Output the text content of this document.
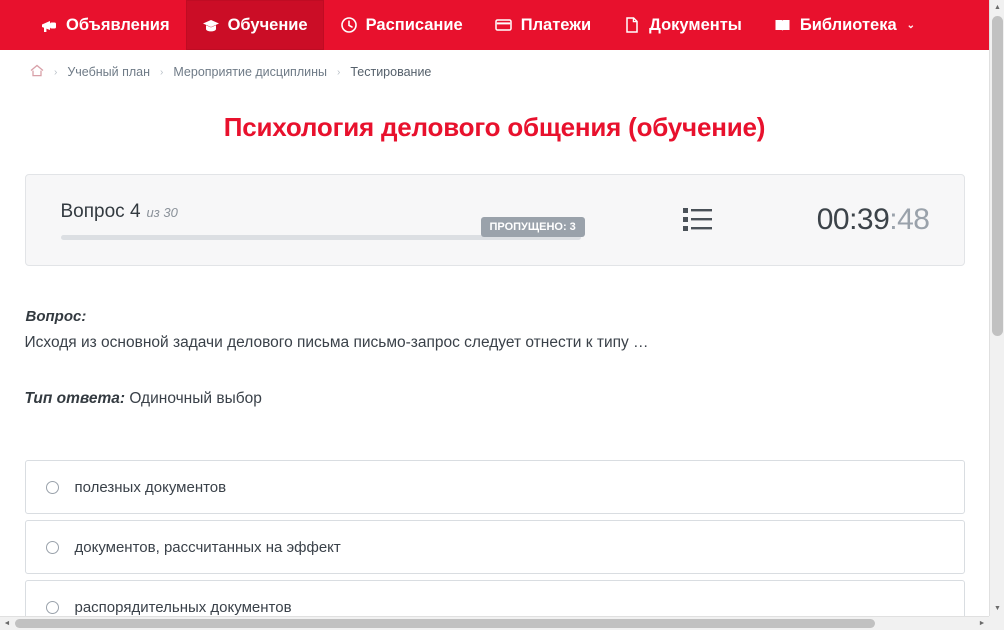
Объявления	Обучение	Расписание	Платежи	Документы	Библиотека ⌄
› Учебный план › Мероприятие дисциплины › Тестирование
Психология делового общения (обучение)
Вопрос 4 из 30
ПРОПУЩЕНО: 3	00:39:48
Вопрос:
Исходя из основной задачи делового письма письмо-запрос следует отнести к типу …
Тип ответа: Одиночный выбор
полезных документов
документов, рассчитанных на эффект
распорядительных документов
▲
▼
◄	►
